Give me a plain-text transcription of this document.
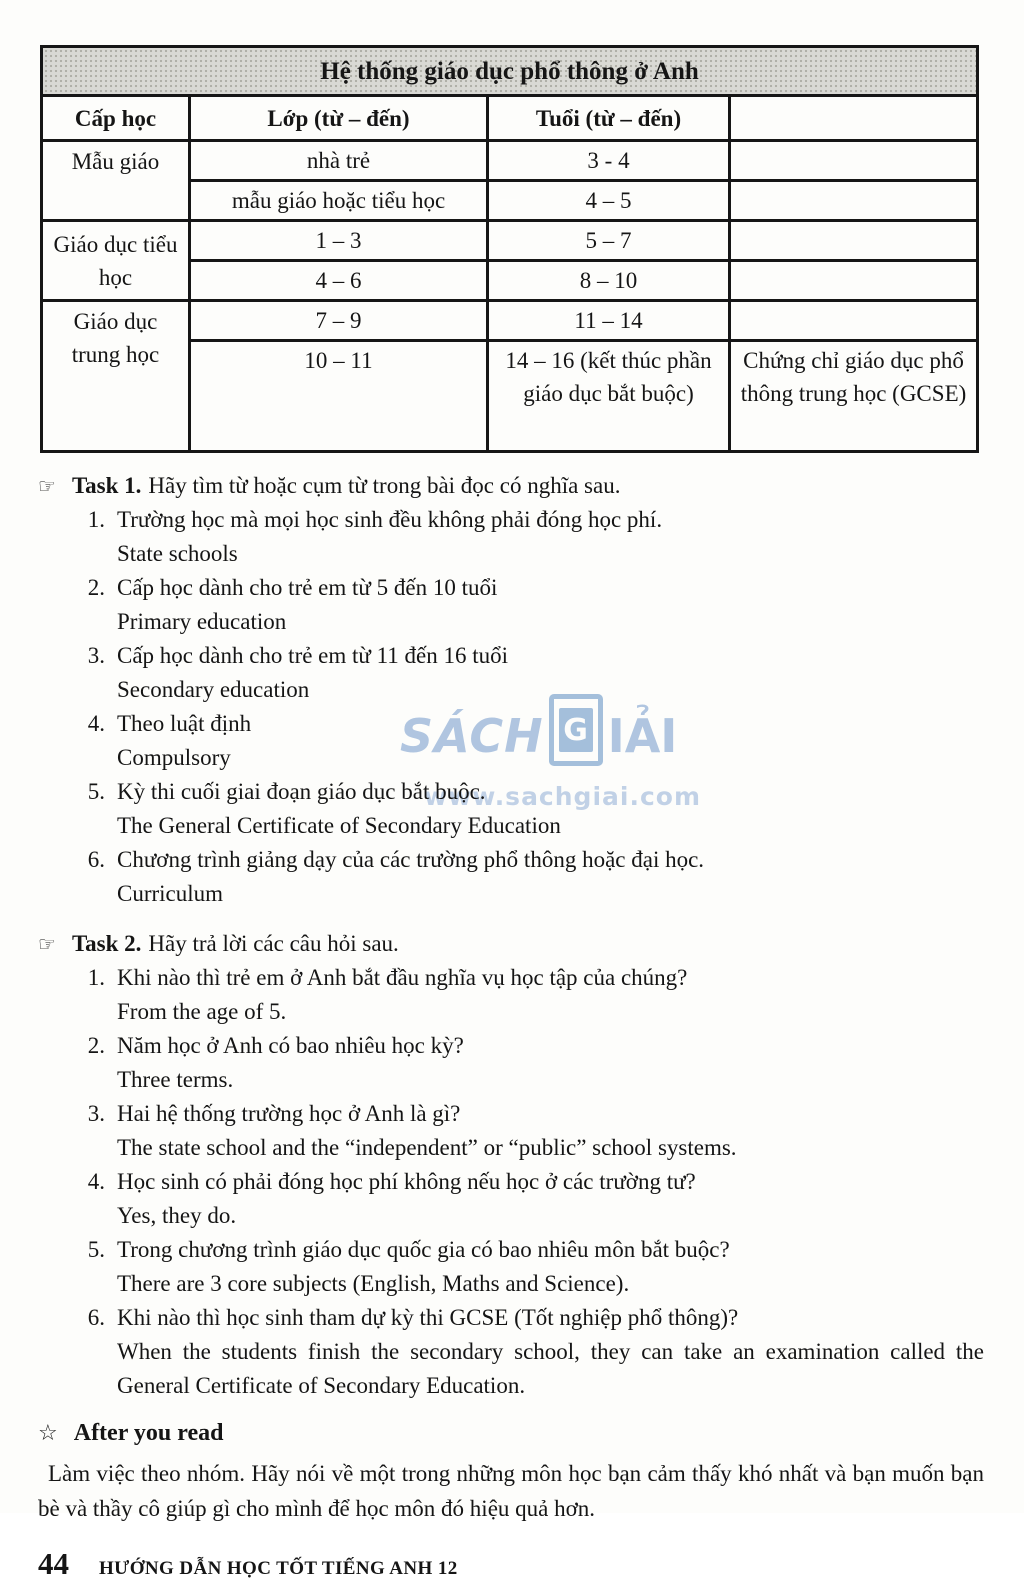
SÁCH G IẢI
www.sachgiai.com
Hệ thống giáo dục phổ thông ở Anh			
Cấp học	Lớp (từ – đến)	Tuổi (từ – đến)	
Mẫu giáo	nhà trẻ	3 - 4	
	mẫu giáo hoặc tiểu học	4 – 5	
Giáo dục tiểu học	1 – 3	5 – 7	
	4 – 6	8 – 10	
Giáo dục trung học	7 – 9	11 – 14	
	10 – 11	14 – 16 (kết thúc phần giáo dục bắt buộc)	Chứng chỉ giáo dục phổ thông trung học (GCSE)
☞ Task 1. Hãy tìm từ hoặc cụm từ trong bài đọc có nghĩa sau.
1. Trường học mà mọi học sinh đều không phải đóng học phí.
State schools
2. Cấp học dành cho trẻ em từ 5 đến 10 tuổi
Primary education
3. Cấp học dành cho trẻ em từ 11 đến 16 tuổi
Secondary education
4. Theo luật định
Compulsory
5. Kỳ thi cuối giai đoạn giáo dục bắt buộc.
The General Certificate of Secondary Education
6. Chương trình giảng dạy của các trường phổ thông hoặc đại học.
Curriculum
☞ Task 2. Hãy trả lời các câu hỏi sau.
1. Khi nào thì trẻ em ở Anh bắt đầu nghĩa vụ học tập của chúng?
From the age of 5.
2. Năm học ở Anh có bao nhiêu học kỳ?
Three terms.
3. Hai hệ thống trường học ở Anh là gì?
The state school and the “independent” or “public” school systems.
4. Học sinh có phải đóng học phí không nếu học ở các trường tư?
Yes, they do.
5. Trong chương trình giáo dục quốc gia có bao nhiêu môn bắt buộc?
There are 3 core subjects (English, Maths and Science).
6. Khi nào thì học sinh tham dự kỳ thi GCSE (Tốt nghiệp phổ thông)?
When the students finish the secondary school, they can take an examination called the General Certificate of Secondary Education.
☆ After you read
Làm việc theo nhóm. Hãy nói về một trong những môn học bạn cảm thấy khó nhất và bạn muốn bạn bè và thầy cô giúp gì cho mình để học môn đó hiệu quả hơn.
44 HƯỚNG DẪN HỌC TỐT TIẾNG ANH 12
